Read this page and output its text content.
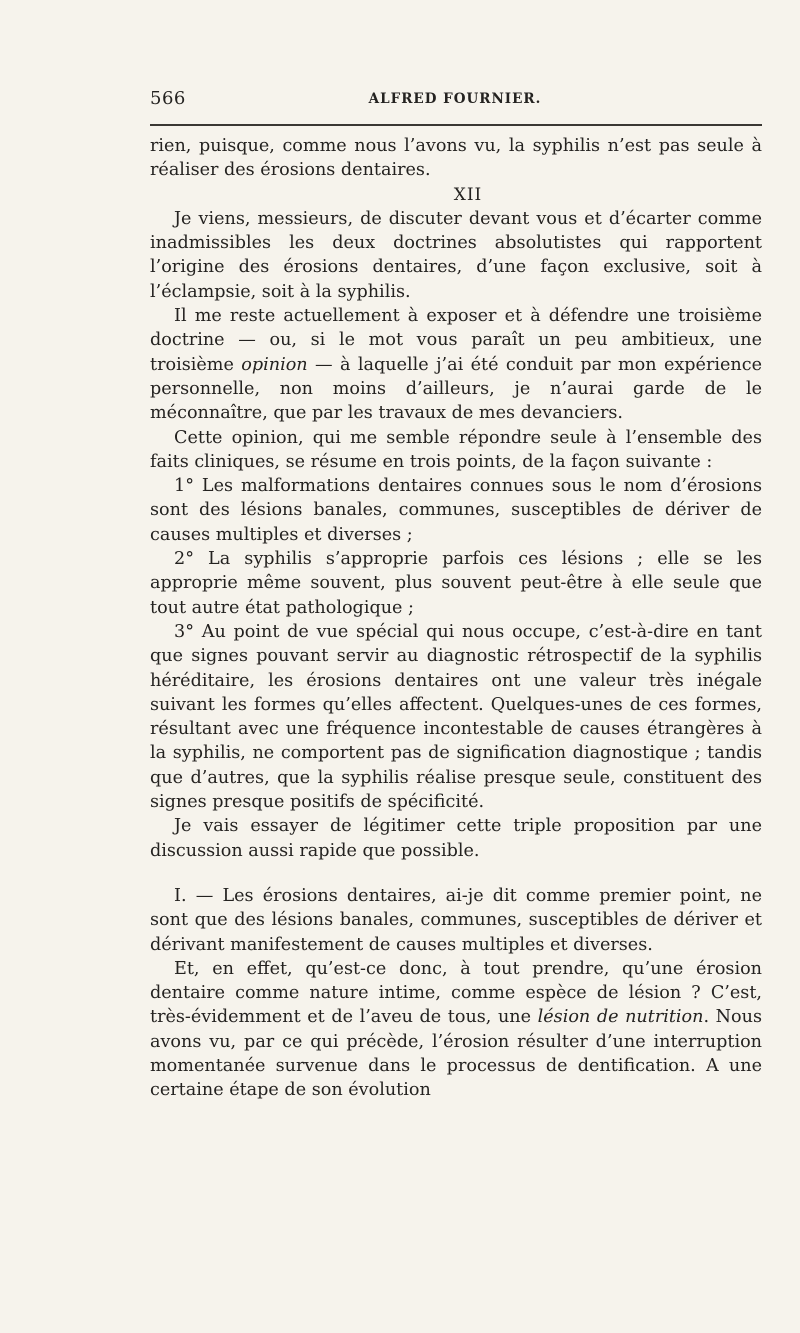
566	ALFRED FOURNIER.

rien, puisque, comme nous l’avons vu, la syphilis n’est pas seule à réaliser des érosions dentaires.

XII

Je viens, messieurs, de discuter devant vous et d’écarter comme inadmissibles les deux doctrines absolutistes qui rapportent l’origine des érosions dentaires, d’une façon exclusive, soit à l’éclampsie, soit à la syphilis.

Il me reste actuellement à exposer et à défendre une troisième doctrine — ou, si le mot vous paraît un peu ambitieux, une troisième opinion — à laquelle j’ai été conduit par mon expérience personnelle, non moins d’ailleurs, je n’aurai garde de le méconnaître, que par les travaux de mes devanciers.

Cette opinion, qui me semble répondre seule à l’ensemble des faits cliniques, se résume en trois points, de la façon suivante :

1° Les malformations dentaires connues sous le nom d’érosions sont des lésions banales, communes, susceptibles de dériver de causes multiples et diverses ;

2° La syphilis s’approprie parfois ces lésions ; elle se les approprie même souvent, plus souvent peut-être à elle seule que tout autre état pathologique ;

3° Au point de vue spécial qui nous occupe, c’est-à-dire en tant que signes pouvant servir au diagnostic rétrospectif de la syphilis héréditaire, les érosions dentaires ont une valeur très inégale suivant les formes qu’elles affectent. Quelques-unes de ces formes, résultant avec une fréquence incontestable de causes étrangères à la syphilis, ne comportent pas de signification diagnostique ; tandis que d’autres, que la syphilis réalise presque seule, constituent des signes presque positifs de spécificité.

Je vais essayer de légitimer cette triple proposition par une discussion aussi rapide que possible.

I. — Les érosions dentaires, ai-je dit comme premier point, ne sont que des lésions banales, communes, susceptibles de dériver et dérivant manifestement de causes multiples et diverses.

Et, en effet, qu’est-ce donc, à tout prendre, qu’une érosion dentaire comme nature intime, comme espèce de lésion ? C’est, très-évidemment et de l’aveu de tous, une lésion de nutrition. Nous avons vu, par ce qui précède, l’érosion résulter d’une interruption momentanée survenue dans le processus de dentification. A une certaine étape de son évolution
